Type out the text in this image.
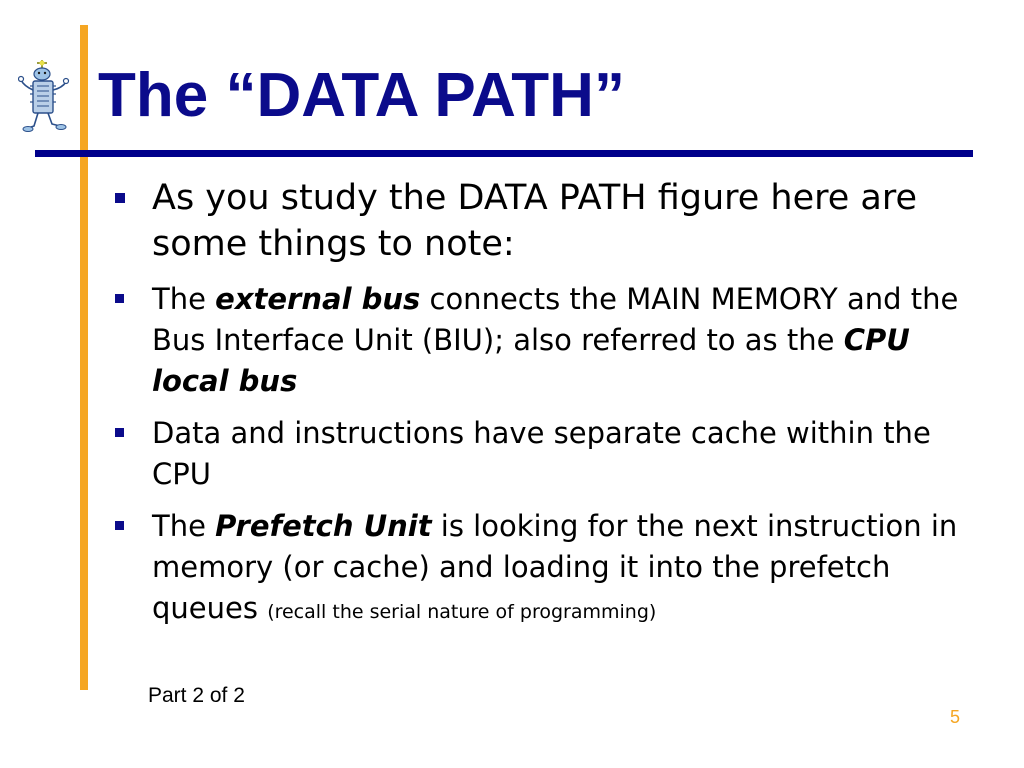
The “DATA PATH”
As you study the DATA PATH figure here are some things to note:
The external bus connects the MAIN MEMORY and the Bus Interface Unit (BIU); also referred to as the CPU local bus
Data and instructions have separate cache within the CPU
The Prefetch Unit is looking for the next instruction in memory (or cache) and loading it into the prefetch queues (recall the serial nature of programming)

Part 2 of 2

5
